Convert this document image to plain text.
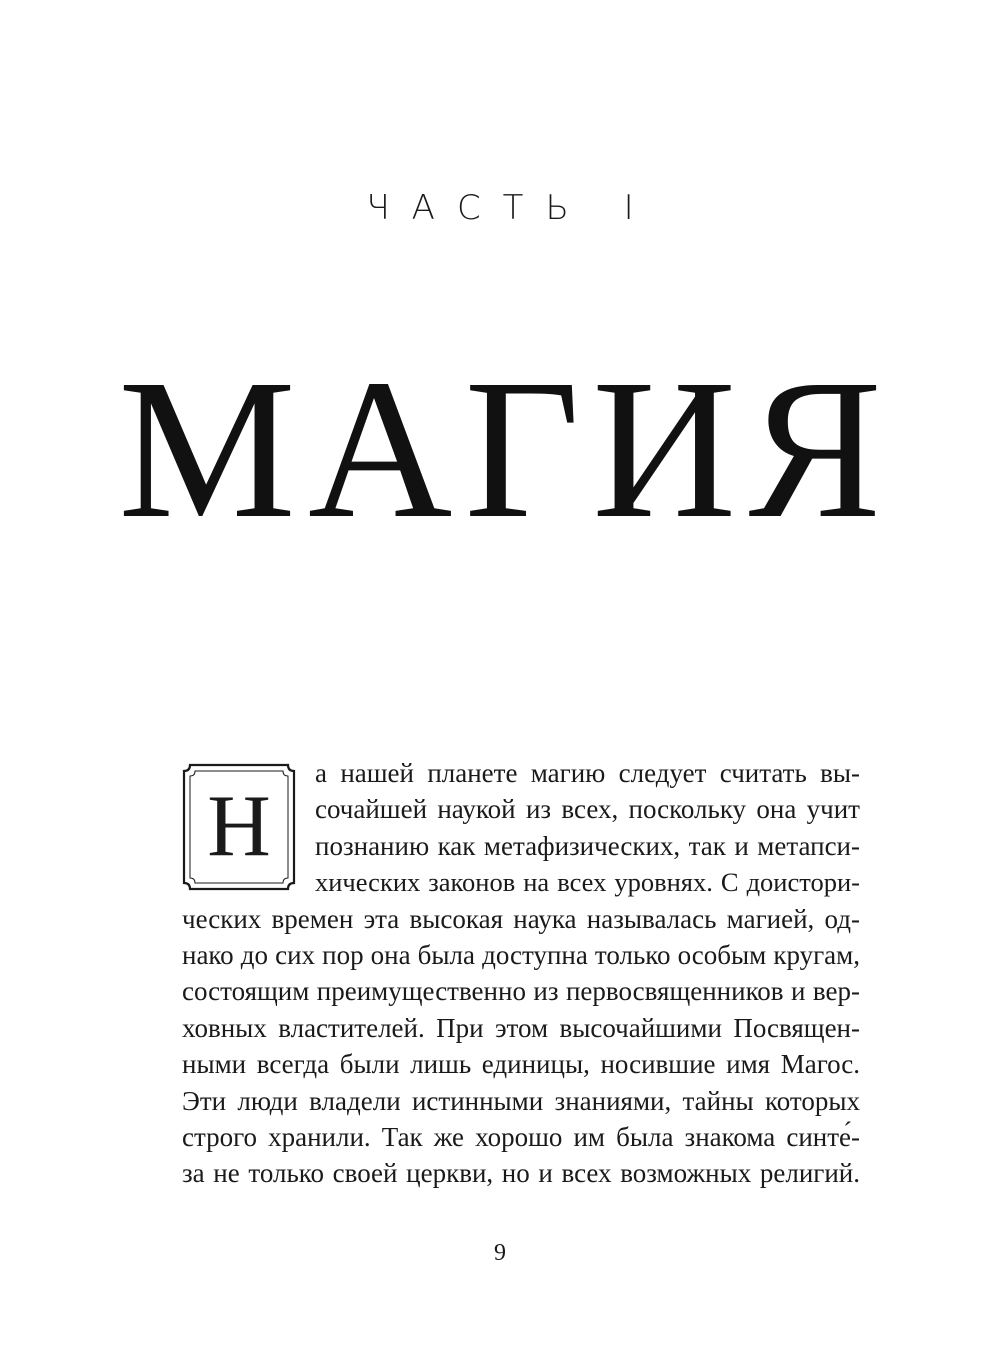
ЧАСТЬ I
МАГИЯ
Н
а нашей планете магию следует считать вы-
сочайшей наукой из всех, поскольку она учит
познанию как метафизических, так и метапси-
хических законов на всех уровнях. С доистори-
ческих времен эта высокая наука называлась магией, од-
нако до сих пор она была доступна только особым кругам,
состоящим преимущественно из первосвященников и вер-
ховных властителей. При этом высочайшими Посвящен-
ными всегда были лишь единицы, носившие имя Магос.
Эти люди владели истинными знаниями, тайны которых
строго хранили. Так же хорошо им была знакома синте́-
за не только своей церкви, но и всех возможных религий.
9
